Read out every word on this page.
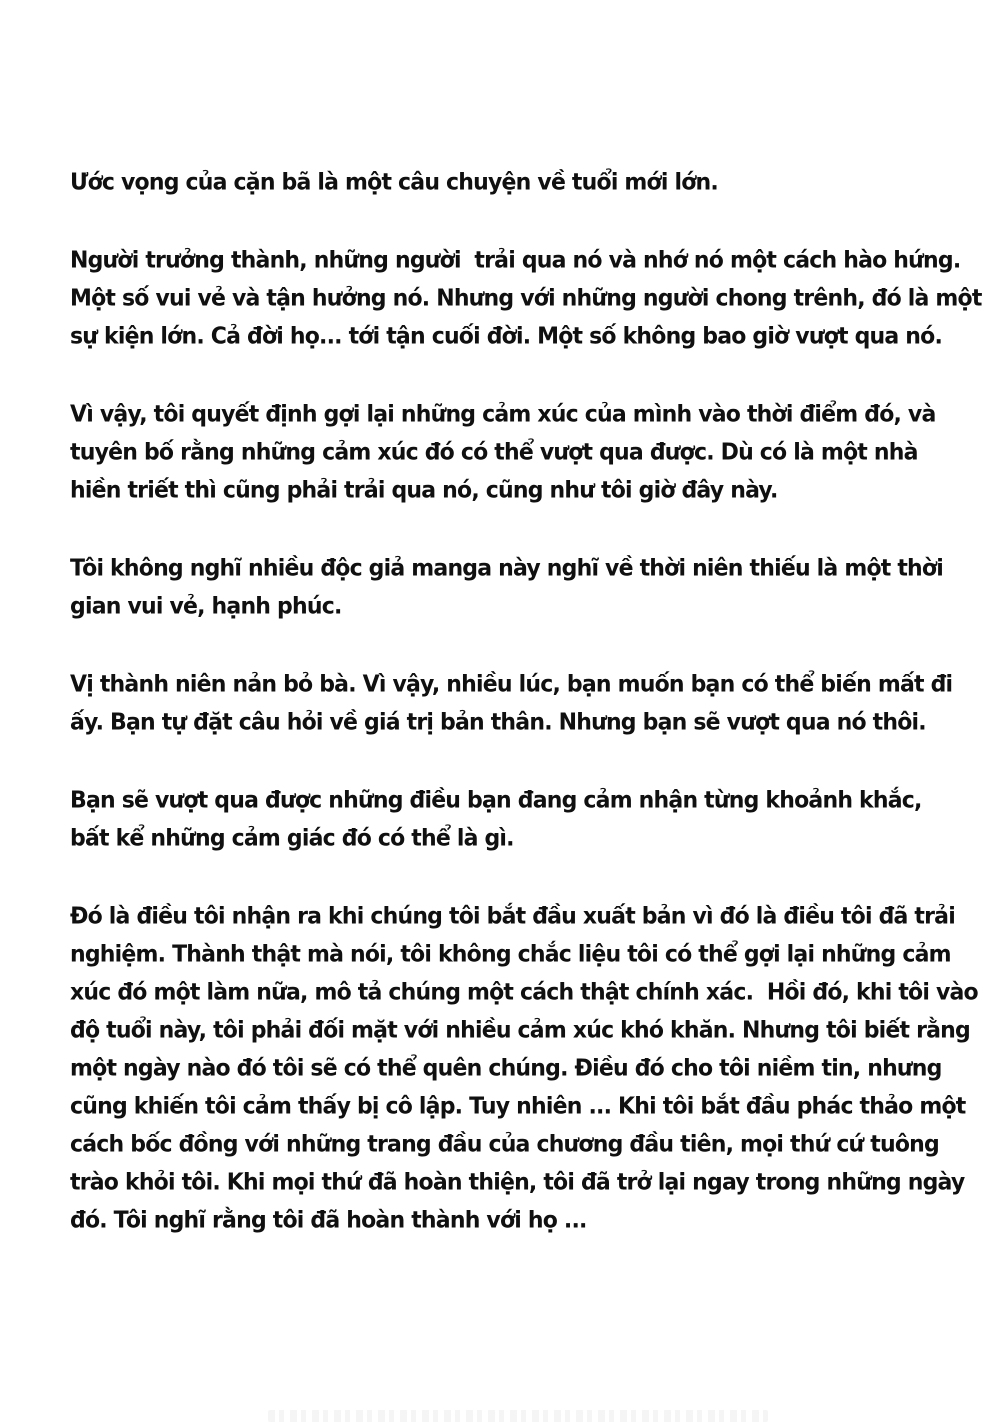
Ước vọng của cặn bã là một câu chuyện về tuổi mới lớn.
Người trưởng thành, những người  trải qua nó và nhớ nó một cách hào hứng.
Một số vui vẻ và tận hưởng nó. Nhưng với những người chong trênh, đó là một
sự kiện lớn. Cả đời họ... tới tận cuối đời. Một số không bao giờ vượt qua nó.
Vì vậy, tôi quyết định gợi lại những cảm xúc của mình vào thời điểm đó, và
tuyên bố rằng những cảm xúc đó có thể vượt qua được. Dù có là một nhà
hiền triết thì cũng phải trải qua nó, cũng như tôi giờ đây này.
Tôi không nghĩ nhiều độc giả manga này nghĩ về thời niên thiếu là một thời
gian vui vẻ, hạnh phúc.
Vị thành niên nản bỏ bà. Vì vậy, nhiều lúc, bạn muốn bạn có thể biến mất đi
ấy. Bạn tự đặt câu hỏi về giá trị bản thân. Nhưng bạn sẽ vượt qua nó thôi.
Bạn sẽ vượt qua được những điều bạn đang cảm nhận từng khoảnh khắc,
bất kể những cảm giác đó có thể là gì.
Đó là điều tôi nhận ra khi chúng tôi bắt đầu xuất bản vì đó là điều tôi đã trải
nghiệm. Thành thật mà nói, tôi không chắc liệu tôi có thể gợi lại những cảm
xúc đó một làm nữa, mô tả chúng một cách thật chính xác.  Hồi đó, khi tôi vào
độ tuổi này, tôi phải đối mặt với nhiều cảm xúc khó khăn. Nhưng tôi biết rằng
một ngày nào đó tôi sẽ có thể quên chúng. Điều đó cho tôi niềm tin, nhưng
cũng khiến tôi cảm thấy bị cô lập. Tuy nhiên ... Khi tôi bắt đầu phác thảo một
cách bốc đồng với những trang đầu của chương đầu tiên, mọi thứ cứ tuông
trào khỏi tôi. Khi mọi thứ đã hoàn thiện, tôi đã trở lại ngay trong những ngày
đó. Tôi nghĩ rằng tôi đã hoàn thành với họ ...
